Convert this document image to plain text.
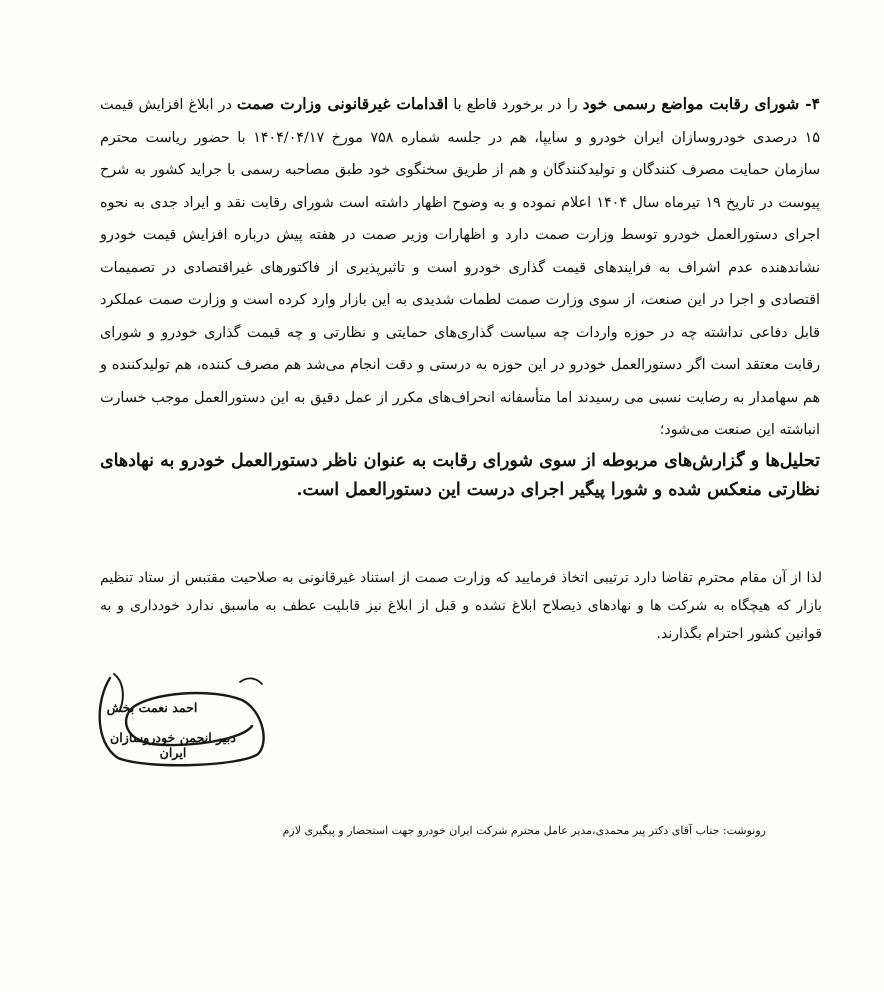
۴- شورای رقابت مواضع رسمی خود را در برخورد قاطع با اقدامات غیرقانونی وزارت صمت در ابلاغ افزایش قیمت ۱۵ درصدی خودروسازان ایران خودرو و سایپا، هم در جلسه شماره ۷۵۸ مورخ ۱۴۰۴/۰۴/۱۷ با حضور ریاست محترم سازمان حمایت مصرف کنندگان و تولیدکنندگان و هم از طریق سخنگوی خود طبق مصاحبه رسمی با جراید کشور به شرح پیوست در تاریخ ۱۹ تیرماه سال ۱۴۰۴ اعلام نموده و به وضوح اظهار داشته است شورای رقابت نقد و ایراد جدی به نحوه اجرای دستورالعمل خودرو توسط وزارت صمت دارد و اظهارات وزیر صمت در هفته پیش درباره افزایش قیمت خودرو نشاندهنده عدم اشراف به فرایندهای قیمت گذاری خودرو است و تاثیرپذیری از فاکتورهای غیراقتصادی در تصمیمات اقتصادی و اجرا در این صنعت، از سوی وزارت صمت لطمات شدیدی به این بازار وارد کرده است و وزارت صمت عملکرد قابل دفاعی نداشته چه در حوزه واردات چه سیاست گذاری‌های حمایتی و نظارتی و چه قیمت گذاری خودرو و شورای رقابت معتقد است اگر دستورالعمل خودرو در این حوزه به درستی و دقت انجام می‌شد هم مصرف کننده، هم تولیدکننده و هم سهامدار به رضایت نسبی می رسیدند اما متأسفانه انحراف‌های مکرر از عمل دقیق به این دستورالعمل موجب خسارت انباشته این صنعت می‌شود؛

تحلیل‌ها و گزارش‌های مربوطه از سوی شورای رقابت به عنوان ناظر دستورالعمل خودرو به نهادهای نظارتی منعکس شده و شورا پیگیر اجرای درست این دستورالعمل است.

لذا از آن مقام محترم تقاضا دارد ترتیبی اتخاذ فرمایید که وزارت صمت از استناد غیرقانونی به صلاحیت مقتبس از ستاد تنظیم بازار که هیچگاه به شرکت ها و نهادهای ذیصلاح ابلاغ نشده و قبل از ابلاغ نیز قابلیت عطف به ماسبق ندارد خودداری و به قوانین کشور احترام بگذارند.

احمد نعمت بخش
دبیر انجمن خودروسازان ایران
رونوشت: جناب آقای دکتر پیر محمدی،مدیر عامل محترم شرکت ایران خودرو جهت استحضار و پیگیری لازم
